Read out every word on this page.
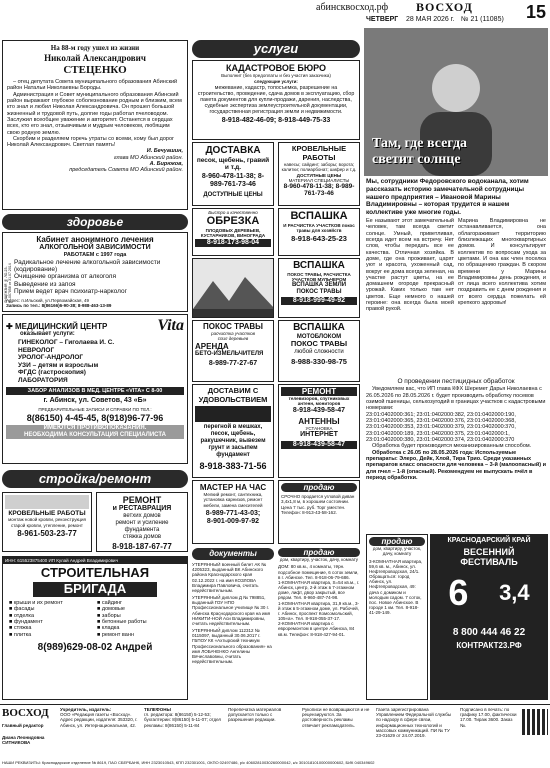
абинсквосход.рф ВОСХОД
ЧЕТВЕРГ 28 МАЯ 2026 г. № 21 (11085) 15
На 88-м году ушел из жизни
Николай Александрович
СТЕЦЕНКО

– отец депутата Совета муниципального образования Абинский район Натальи Николаевны Бороды.

Администрация и Совет муниципального образования Абинский район выражают глубокое соболезнование родным и близким, всем кто знал и любил Николая Александровича. Он прошел большой жизненный и трудовой путь, долгие годы работал пчеловодом. Заслужил всеобщее уважение и авторитет. Останется в сердцах всех, кто его знал, отзывчивым и мудрым человеком, любящим свою родную землю.

Скорбим и разделяем горечь утраты со всеми, кому был дорог Николай Александрович. Светлая память!

И. Бечуашин,
глава МО Абинский район.
А. Бирюков,
председатель Совета МО Абинский район.
здоровье
Кабинет анонимного лечения
АЛКОГОЛЬНОЙ ЗАВИСИМОСТИ
РАБОТАЕМ с 1997 года
Радикальное лечение алкогольной зависимости (кодирование)
Очищение организма от алкоголя
Выведение из запоя
Прием ведет врач психиатр-нарколог
Адрес: п.Ильский, ул.Первомайская, 49
Запись по тел.: 8(86166)6-90-38; 8-988-463-13-89
ЛИЦЕНЗИЯ № ЛО-23-01-007858 от 31.07.2014
✚ МЕДИЦИНСКИЙ ЦЕНТР	Vita
оказывает услуги:
ГИНЕКОЛОГ – Гиголаева И. С.
НЕВРОЛОГ
УРОЛОГ-АНДРОЛОГ
УЗИ – детям и взрослым
ФГДС (гастроскопия)
ЛАБОРАТОРИЯ
ЗАБОР АНАЛИЗОВ В МЕД. ЦЕНТРЕ «VITA» С 8-00
г. Абинск, ул. Советов, 43 «Б»
ПРЕДВАРИТЕЛЬНЫЕ ЗАПИСИ И СПРАВКИ ПО ТЕЛ.:
8(86150) 4-45-45, 8(918)96-77-96
ИМЕЮТСЯ ПРОТИВОПОКАЗАНИЯ.
НЕОБХОДИМА КОНСУЛЬТАЦИЯ СПЕЦИАЛИСТА
стройка/ремонт
КРОВЕЛЬНЫЕ РАБОТЫ
монтаж новой кровли, реконструкция старой кровли, утепление, ремонт
8-961-503-23-77
РЕМОНТ
и РЕСТАВРАЦИЯ
ветхих домов
ремонт и усиление фундамента
стяжка домов
8-918-187-67-77
ИНН: 615523875400 ИП Кулай Андрей Владимирович
СТРОИТЕЛЬНАЯ
БРИГАДА
■ крыши и их ремонт	■ сайдинг
■ фасады	■ домовые
■ отделка	■ заборы
■ фундамент	■ бетонные работы
■ стяжка	■ кладка
■ плитка	■ ремонт ванн
8(989)629-08-02 Андрей
услуги
КАДАСТРОВОЕ БЮРО
Выполнит (без предоплаты и без участия заказчика)
следующие услуги:
межевание, кадастр, топосъемка, разрешение на строительство, проведение, сдача домов в эксплуатацию, сбор пакета документов для купли-продажи, дарения, наследства, судебные экспертиза землеустроительной документации, государственная регистрация земли и недвижимости.
8-918-482-46-09; 8-918-449-75-33
ДОСТАВКА
песок, щебень, гравий и т.д.
8-960-478-11-38; 8-989-761-73-46
ДОСТУПНЫЕ ЦЕНЫ
КРОВЕЛЬНЫЕ
РАБОТЫ
навесы; сайдинг; заборы; ворота; калитки; полиарбонат; шифер и т.д.
ДОСТУПНЫЕ ЦЕНЫ
МАТЕРИАЛ СПЕЦИАЛИСТЫ
8-960-478-11-38; 8-989-761-73-46
Быстро и качественно
ОБРЕЗКА
ПЛОДОВЫХ ДЕРЕВЬЕВ, КУСТАРНИКОВ, ВИНОГРАДА
8-918-173-98-04
ВСПАШКА
И РАСЧИСТКА УЧАСТКОВ покос травы для хозяйств
8-918-643-25-23
ВСПАШКА
ПОКОС ТРАВЫ, РАСЧИСТКА УЧАСТКОВ МУЛЬЧЕРОМ
ВСПАШКА ЗЕМЛИ
ПОКОС ТРАВЫ
8-918-999-49-92
ПОКОС ТРАВЫ
расчистка участков
спил деревьев
АРЕНДА
БЕТО-ИЗМЕЛЬЧИТЕЛЯ
8-989-77-27-67
ВСПАШКА
МОТОБЛОКОМ
ПОКОС ТРАВЫ
любой сложности
8-988-330-98-75
ДОСТАВИМ С УДОВОЛЬСТВИЕМ
перегной в мешках, песок, щебень, ракушечник, вывезем грунт и засыпем фундамент
8-918-383-71-56
РЕМОНТ
телевизоров, спутниковых антенн, мониторов
8-918-439-58-47
АНТЕННЫ
УСТАНОВКА
ИНТЕРНЕТ
8-918-439-58-47
МАСТЕР НА ЧАС
Мелкий ремонт, сантехника, установка карнизов, ремонт мебели, замена смесителей
8-989-771-43-03;
8-901-009-97-92
продаю
СРОЧНО продается угловой диван 3,4х1,8 м, в хорошем состоянии. Цена 7 тыс. руб. Торг уместен. Телефон: 8-913-43-58-162.
документы

УТЕРЯННЫЙ военный билет АК № 4205323, выданный ВК Абинского района Краснодарского края 02.12.2022 г. на имя КОЗЛОВА Владимира Павловича, считать недействительным.

УТЕРЯННЫЙ диплом Д № 798851, выданный ГОУ НПО Профессиональное училище № 30 г. Абинска Краснодарского края на имя НИКИТИ-НОЙ Аси Владимировны, считать недействительным.

УТЕРЯННЫЙ диплом 112312 № 0115097, выданный 30.06.2017 г. ГБПОУ КК «Ахтырский техникум Профессионального образования» на имя ЛОБАЧЕНКО Ангелины Вячеславовны, считать недействительным.

продаю
дом, квартиру, участок, дачу, комнату

ДОМ: 80 кв.м., 4 комнаты, тёрн. подсобное помещение, 6 соток земли, в г. Абинске. Тел. 8-918-06-79-686.

1-КОМНАТНАЯ квартира, S=54 кв.м., г. Абинск, центр, 2-й этаж в 7-этажном доме, лифт, двор закрытый, все рядом. Тел. 8-960-487-74-98.

1-КОМНАТНАЯ квартира, 31,9 кв.м., 3-й этаж в 5-этажном доме, ул. Рабочей, г. Абинск, проспект Комсомольский, 105«а». Тел. 8-918-055-37-17.

2-КОМНАТНАЯ квартира с евроремонтом в центре Абинска, 84 кв.м. Телефон: 8-918-427-94-01.

Там, где всегда
светит солнце
Мы, сотрудники Федоровского водоканала, хотим рассказать историю замечательной сотрудницы нашего предприятия – Ивановой Марины Владимировны – которая трудится в нашем коллективе уже многие годы.
Ее называют этот замечательный человек, там всегда светит солнце. Умный, приветливая, всегда идет всем на встречу. Нет слов, чтобы передать все ее качества. Отличная хозяйка. В доме, где она проживает, царят уют и красота, ухоженный сад, вокруг ее дома всегда зеленая, на участке растут цветы, на ее домашнем огороде прекрасный урожай. Каких только там нет цветов. Еще немного о нашей героине: она всегда была моей правой рукой.
Марина Владимировна не останавливается, она облагораживает территорию близлежащих многоквартирных домов. И консультирует коллектив по вопросам ухода за цветами. И она как член поселка по обращению граждан. В скором времени у Марины Владимировны день рождения, и от лица всего коллектива хотим поздравить ее с днем рождения и от всего сердца пожелать ей крепкого здоровья!
О проведении пестицидных обработок

Уведомляем вас, что ИП глава КФХ Шеремет Дарья Николаевна с 26.05.2026 по 28.05.2026 г. будет производить обработку посевов озимой пшеницы, сельхозугодий в границах участков с кадастровыми номерами:

23:01:0402000:361; 23:01:0402000:382, 23:01:0402000:190, 23:01:0402000:365, 23:01:0402000:376, 23:01:0402000:368, 23:01:0402000:353, 23:01:0402000:379, 23:01:0402000:370, 23:01:0402000:189, 23:01:0402000:375, 23:01:0402000:1, 23:01:0402000:380, 23:01:0402000:374, 23:01:0402000:370

Обработка будет производится механизированным способом.

Обработка с 26.05 по 28.05.2026 года: Используемые препараты: Элеро, Дейк, Хлой, Тира Трио. Среди указанных препаратов класс опасности для человека – 3-й (малоопасный) и для пчел – 1-й (опасный). Рекомендуем не выпускать пчёл в период обработки.

продаю
дом, квартиру, участок, дачу, комнату
3-КОМНАТНАЯ квартира, 59,6 кв. м., Абинск, ул. Нефтепроводская, 24/1. Обращаться: город Абинск, ул. Нефтепроводская, 49: дача с домиком и молодым садом. 7 соток, пос. Новое Абинское. В городе 1 км. Тел. 8-918-41-29-149.
КРАСНОДАРСКИЙ КРАЙ
ВЕСЕННИЙ
ФЕСТИВАЛЬ
6 3,4
8 800 444 46 22
КОНТРАКТ23.РФ
ВОСХОД
Главный редактор
Диана Леонидовна СИТНИКОВА
Учредитель, издатель:
ООО «Редакция газеты «Восход». Адрес редакции, издателя: 353320, г. Абинск, ул. Интернациональная, 42.
ТЕЛЕФОНЫ
гл. редактора: 8(86150) 5-12-53; бухгалтерии: 8(86150) 5-11-07; отдел рекламы: 8(86150) 5-11-84
Перепечатка материалов допускается только с разрешения редакции.
Рукописи не возвращаются и не рецензируются. За достоверность рекламы отвечает рекламодатель.
Газета зарегистрирована Управлением Федеральной службы по надзору в сфере связи, информационных технологий и массовых коммуникаций. ПИ № ТУ 23-01629 от 24.07.2019.
Подписано в печать: по графику 17.00, фактически 17.00. Тираж 3600. Заказ №.
НАШИ РЕКВИЗИТЫ: Краснодарское отделение № 8619, ПАО СБЕРБАНК, ИНН 2323010543, КПП 232301001, ОКПО 02497486, р/с 40602810030260000042, к/с 30101810100000000602, БИК 040349602
